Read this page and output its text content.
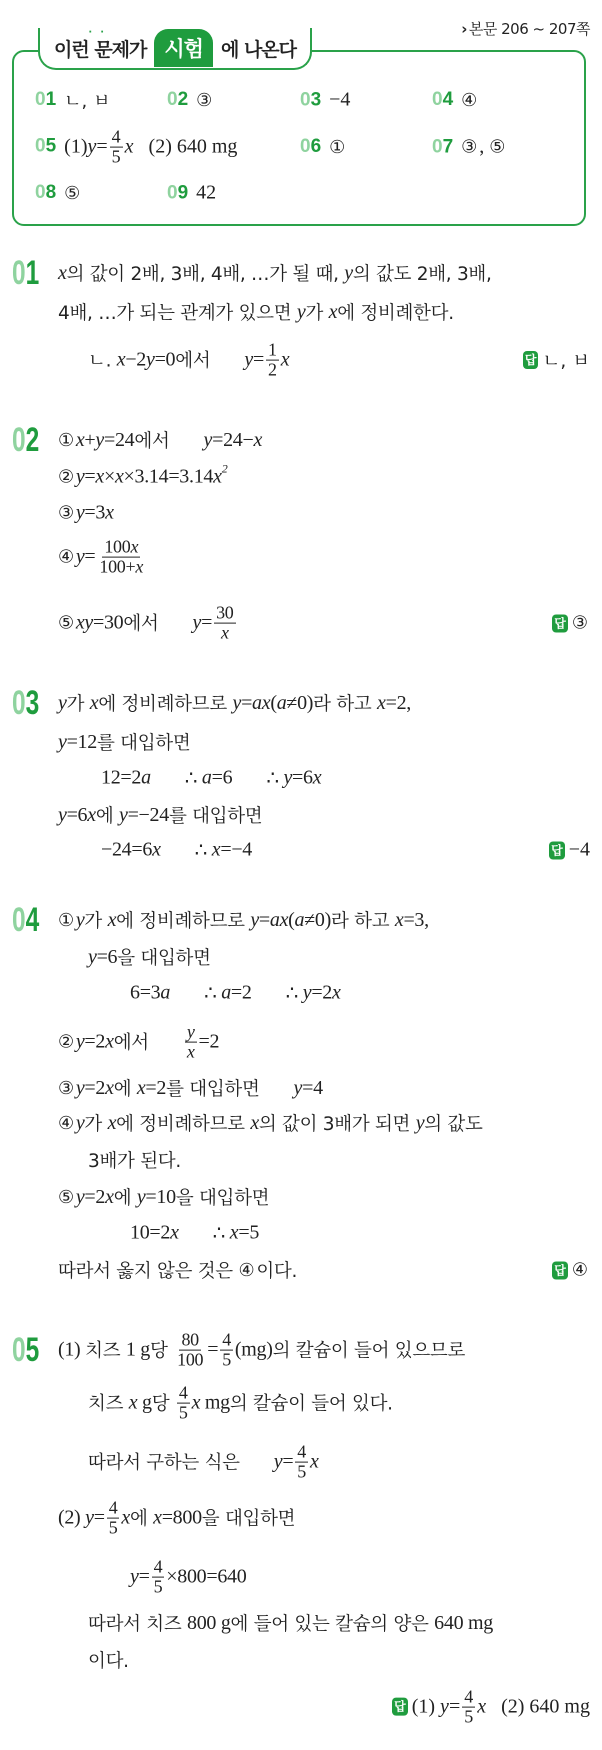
› 본문 206 ~ 207쪽
이런 문제가
··
시험 에 나온다
01 ㄴ, ㅂ	02 ③	03 −4	04 ④
05 (1) $y = \frac{4}{5}$ x (2) 640 mg	06 ①	07 ③ , ⑤
08 ⑤	09 42
01 x 의 값이 2배, 3배, 4배, …가 될 때, y 의 값도 2배, 3배,
4배, …가 되는 관계가 있으면 y 가 x 에 정비례한다.
ㄴ. x −2 y =0 에서 $y = \frac{1}{2}$ x	답 ㄴ, ㅂ
02 ① x + y =24 에서 y =24− x
② y = x × x ×3.14=3.14 x 2
③ y =3 x
④ $y = \frac{100 x}{100+ x}$
⑤ xy =30 에서 $y = \frac{30}{x}$	답 ③
03 y 가 x 에 정비례하므로 y = ax ( a ≠0) 라 하고 x =2,
y =12 를 대입하면
12=2 a ∴ a =6 ∴ y =6 x
y =6 x 에 y =−24 를 대입하면
−24=6 x ∴ x =−4	답 −4
04 ① y 가 x 에 정비례하므로 y = ax ( a ≠0) 라 하고 x =3,
y =6 을 대입하면
6=3 a ∴ a =2 ∴ y =2 x
② y =2 x 에서 $\frac{y}{x} =2$
③ y =2 x 에 x =2 를 대입하면 y =4
④ y 가 x 에 정비례하므로 x 의 값이 3배가 되면 y 의 값도
3배가 된다.
⑤ y =2 x 에 y =10 을 대입하면
10=2 x ∴ x =5
따라서 옳지 않은 것은 ④ 이다.	답 ④
05 (1) 치즈 1 g 당 $\frac{80}{100} = \frac{4}{5} (mg)$ 의 칼슘이 들어 있으므로
치즈 x g 당 $\frac{4}{5}$ x mg 의 칼슘이 들어 있다.
따라서 구하는 식은 $y = \frac{4}{5}$ x
(2) $y = \frac{4}{5}$ x 에 x =800 을 대입하면
$y = \frac{4}{5} \times 800=640$
따라서 치즈 800 g 에 들어 있는 칼슘의 양은 640 mg
이다.
답 (1) $y = \frac{4}{5}$ x (2) 640 mg
